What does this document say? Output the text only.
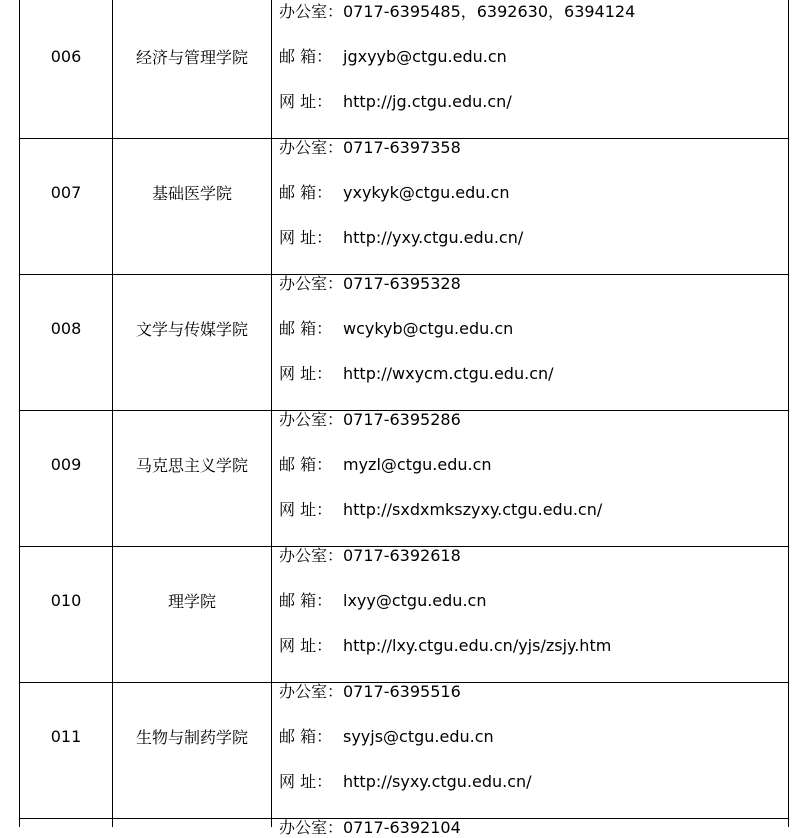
006	经济与管理学院
办公室：0717-6395485，6392630，6394124
邮 箱： jgxyyb@ctgu.edu.cn
网 址： http://jg.ctgu.edu.cn/
007	基础医学院
办公室：0717-6397358
邮 箱： yxykyk@ctgu.edu.cn
网 址： http://yxy.ctgu.edu.cn/
008	文学与传媒学院
办公室：0717-6395328
邮 箱： wcykyb@ctgu.edu.cn
网 址： http://wxycm.ctgu.edu.cn/
009	马克思主义学院
办公室：0717-6395286
邮 箱： myzl@ctgu.edu.cn
网 址： http://sxdxmkszyxy.ctgu.edu.cn/
010	理学院
办公室：0717-6392618
邮 箱： lxyy@ctgu.edu.cn
网 址： http://lxy.ctgu.edu.cn/yjs/zsjy.htm
011	生物与制药学院
办公室：0717-6395516
邮 箱： syyjs@ctgu.edu.cn
网 址： http://syxy.ctgu.edu.cn/
办公室：0717-6392104
